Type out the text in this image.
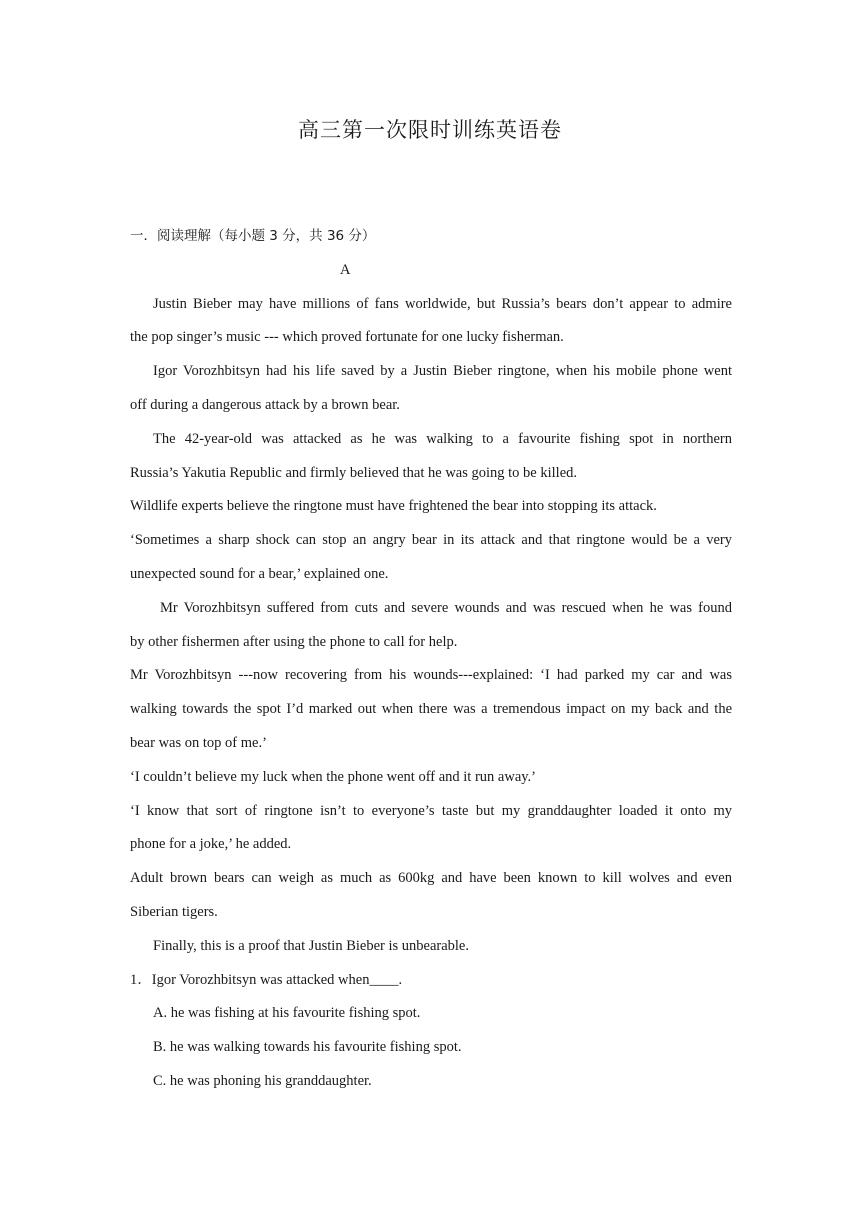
高三第一次限时训练英语卷
一．阅读理解（每小题 3 分，共 36 分）
A
Justin Bieber may have millions of fans worldwide, but Russia’s bears don’t appear to admire
the pop singer’s music --- which proved fortunate for one lucky fisherman.
Igor Vorozhbitsyn had his life saved by a Justin Bieber ringtone, when his mobile phone went
off during a dangerous attack by a brown bear.
The 42-year-old was attacked as he was walking to a favourite fishing spot in northern
Russia’s Yakutia Republic and firmly believed that he was going to be killed.
Wildlife experts believe the ringtone must have frightened the bear into stopping its attack.
‘Sometimes a sharp shock can stop an angry bear in its attack and that ringtone would be a very
unexpected sound for a bear,’ explained one.
Mr Vorozhbitsyn suffered from cuts and severe wounds and was rescued when he was found
by other fishermen after using the phone to call for help.
Mr Vorozhbitsyn ---now recovering from his wounds---explained: ‘I had parked my car and was
walking towards the spot I’d marked out when there was a tremendous impact on my back and the
bear was on top of me.’
‘I couldn’t believe my luck when the phone went off and it run away.’
‘I know that sort of ringtone isn’t to everyone’s taste but my granddaughter loaded it onto my
phone for a joke,’ he added.
Adult brown bears can weigh as much as 600kg and have been known to kill wolves and even
Siberian tigers.
Finally, this is a proof that Justin Bieber is unbearable.
1．Igor Vorozhbitsyn was attacked when____.
A. he was fishing at his favourite fishing spot.
B. he was walking towards his favourite fishing spot.
C. he was phoning his granddaughter.
